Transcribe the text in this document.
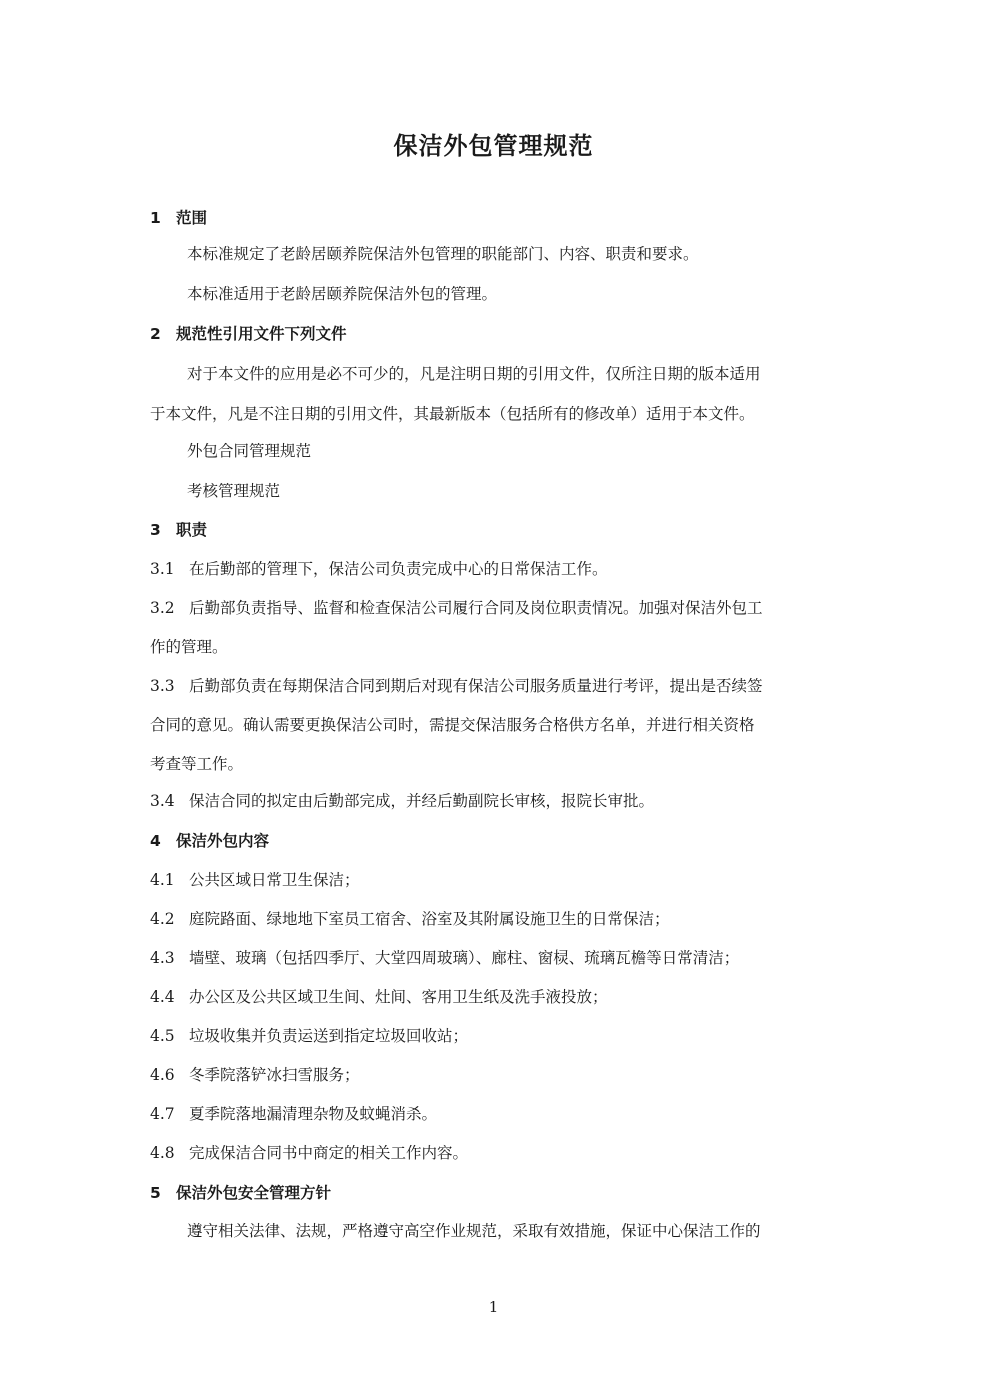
保洁外包管理规范
1 范围
本标准规定了老龄居颐养院保洁外包管理的职能部门、内容、职责和要求。
本标准适用于老龄居颐养院保洁外包的管理。
2 规范性引用文件下列文件
对于本文件的应用是必不可少的，凡是注明日期的引用文件，仅所注日期的版本适用
于本文件，凡是不注日期的引用文件，其最新版本（包括所有的修改单）适用于本文件。
外包合同管理规范
考核管理规范
3 职责
3.1 在后勤部的管理下，保洁公司负责完成中心的日常保洁工作。
3.2 后勤部负责指导、监督和检查保洁公司履行合同及岗位职责情况。加强对保洁外包工
作的管理。
3.3 后勤部负责在每期保洁合同到期后对现有保洁公司服务质量进行考评，提出是否续签
合同的意见。确认需要更换保洁公司时，需提交保洁服务合格供方名单，并进行相关资格
考查等工作。
3.4 保洁合同的拟定由后勤部完成，并经后勤副院长审核，报院长审批。
4 保洁外包内容
4.1 公共区域日常卫生保洁；
4.2 庭院路面、绿地地下室员工宿舍、浴室及其附属设施卫生的日常保洁；
4.3 墙壁、玻璃（包括四季厅、大堂四周玻璃）、廊柱、窗棂、琉璃瓦檐等日常清洁；
4.4 办公区及公共区域卫生间、灶间、客用卫生纸及洗手液投放；
4.5 垃圾收集并负责运送到指定垃圾回收站；
4.6 冬季院落铲冰扫雪服务；
4.7 夏季院落地漏清理杂物及蚊蝇消杀。
4.8 完成保洁合同书中商定的相关工作内容。
5 保洁外包安全管理方针
遵守相关法律、法规，严格遵守高空作业规范，采取有效措施，保证中心保洁工作的
1
